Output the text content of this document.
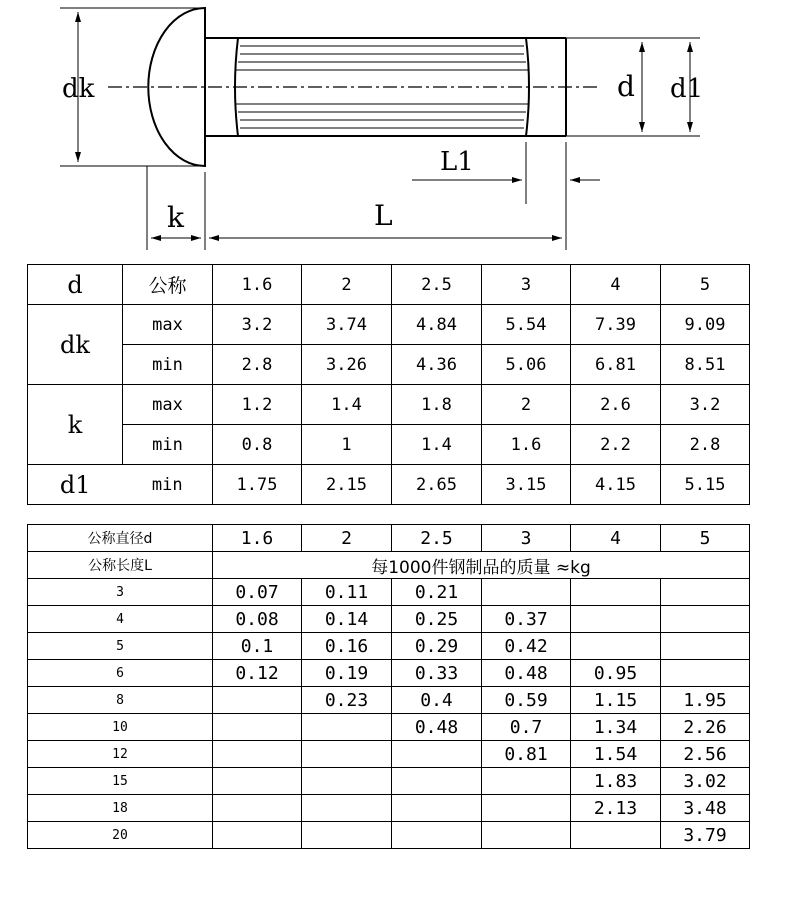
dk	d d1
L1
k	L
d	公称	1.6	2	2.5	3	4	5
dk	max	3.2	3.74	4.84	5.54	7.39	9.09
	min	2.8	3.26	4.36	5.06	6.81	8.51
k	max	1.2	1.4	1.8	2	2.6	3.2
	min	0.8	1	1.4	1.6	2.2	2.8
d1	min	1.75	2.15	2.65	3.15	4.15	5.15
公称直径d	1.6	2	2.5	3	4	5
公称长度L	每1000件钢制品的质量 ≈kg					
3	0.07	0.11	0.21			
4	0.08	0.14	0.25	0.37		
5	0.1	0.16	0.29	0.42		
6	0.12	0.19	0.33	0.48	0.95	
8		0.23	0.4	0.59	1.15	1.95
10			0.48	0.7	1.34	2.26
12				0.81	1.54	2.56
15					1.83	3.02
18					2.13	3.48
20						3.79
